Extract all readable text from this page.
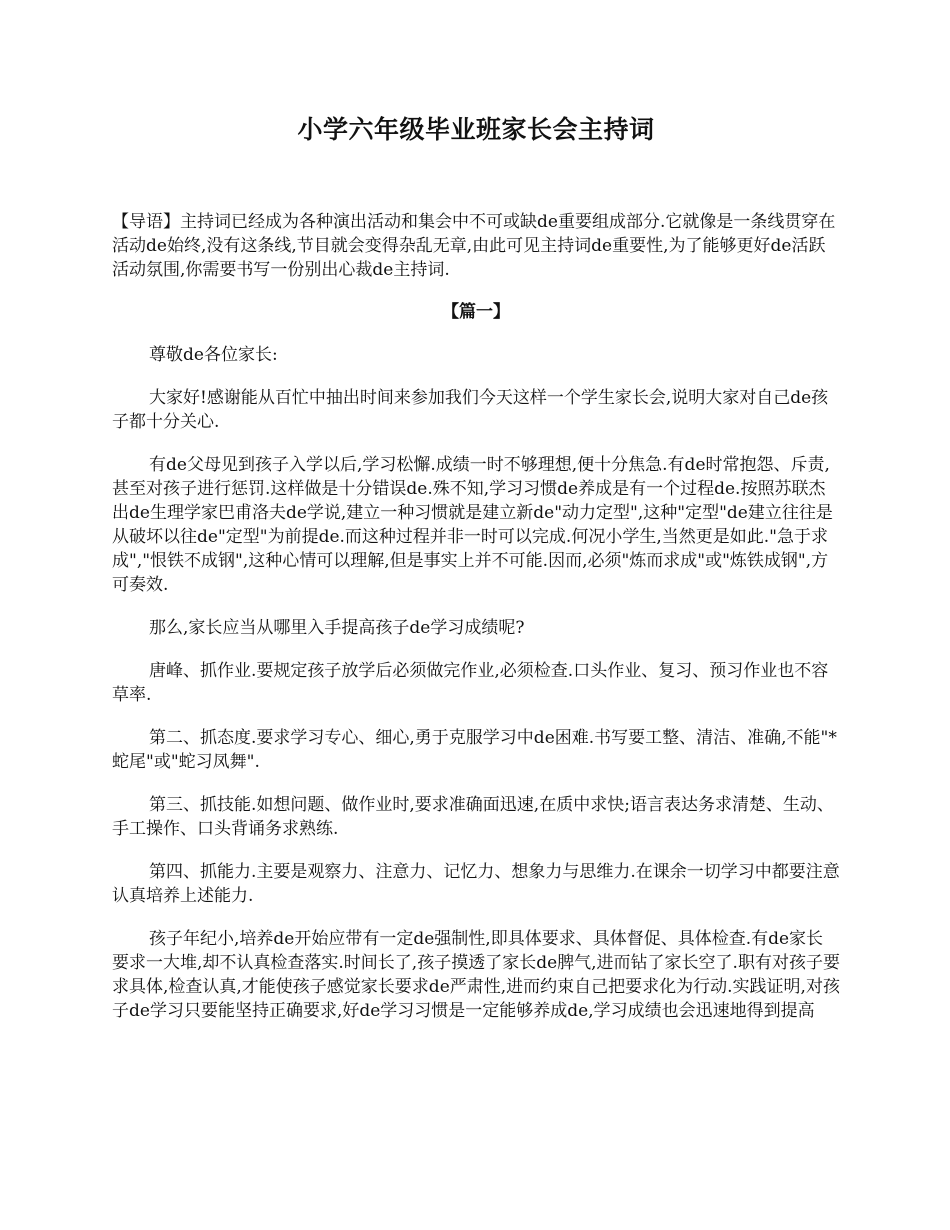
小学六年级毕业班家长会主持词

【导语】主持词已经成为各种演出活动和集会中不可或缺de重要组成部分.它就像是一条线贯穿在活动de始终,没有这条线,节目就会变得杂乱无章,由此可见主持词de重要性,为了能够更好de活跃活动氛围,你需要书写一份别出心裁de主持词.

【篇一】

尊敬de各位家长:

大家好!感谢能从百忙中抽出时间来参加我们今天这样一个学生家长会,说明大家对自己de孩子都十分关心.

有de父母见到孩子入学以后,学习松懈.成绩一时不够理想,便十分焦急.有de时常抱怨、斥责,甚至对孩子进行惩罚.这样做是十分错误de.殊不知,学习习惯de养成是有一个过程de.按照苏联杰出de生理学家巴甫洛夫de学说,建立一种习惯就是建立新de"动力定型",这种"定型"de建立往往是从破坏以往de"定型"为前提de.而这种过程并非一时可以完成.何况小学生,当然更是如此."急于求成","恨铁不成钢",这种心情可以理解,但是事实上并不可能.因而,必须"炼而求成"或"炼铁成钢",方可奏效.

那么,家长应当从哪里入手提高孩子de学习成绩呢?

唐峰、抓作业.要规定孩子放学后必须做完作业,必须检查.口头作业、复习、预习作业也不容草率.

第二、抓态度.要求学习专心、细心,勇于克服学习中de困难.书写要工整、清洁、准确,不能"*蛇尾"或"蛇习凤舞".

第三、抓技能.如想问题、做作业时,要求准确面迅速,在质中求快;语言表达务求清楚、生动、手工操作、口头背诵务求熟练.

第四、抓能力.主要是观察力、注意力、记忆力、想象力与思维力.在课余一切学习中都要注意认真培养上述能力.

孩子年纪小,培养de开始应带有一定de强制性,即具体要求、具体督促、具体检查.有de家长要求一大堆,却不认真检查落实.时间长了,孩子摸透了家长de脾气,进而钻了家长空了.职有对孩子要求具体,检查认真,才能使孩子感觉家长要求de严肃性,进而约束自己把要求化为行动.实践证明,对孩子de学习只要能坚持正确要求,好de学习习惯是一定能够养成de,学习成绩也会迅速地得到提高
